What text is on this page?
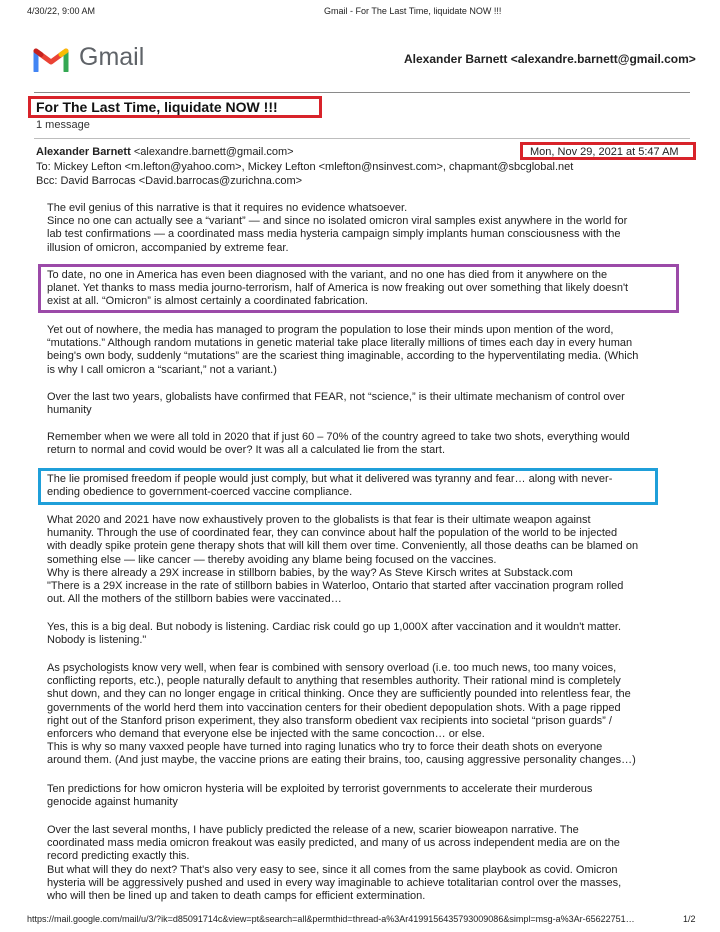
4/30/22, 9:00 AM	Gmail - For The Last Time, liquidate NOW !!!
Gmail	Alexander Barnett <alexandre.barnett@gmail.com>
For The Last Time, liquidate NOW !!!
1 message
Alexander Barnett <alexandre.barnett@gmail.com>	Mon, Nov 29, 2021 at 5:47 AM
To: Mickey Lefton <m.lefton@yahoo.com>, Mickey Lefton <mlefton@nsinvest.com>, chapmant@sbcglobal.net
Bcc: David Barrocas <David.barrocas@zurichna.com>
The evil genius of this narrative is that it requires no evidence whatsoever.
Since no one can actually see a “variant” — and since no isolated omicron viral samples exist anywhere in the world for
lab test confirmations — a coordinated mass media hysteria campaign simply implants human consciousness with the
illusion of omicron, accompanied by extreme fear.
To date, no one in America has even been diagnosed with the variant, and no one has died from it anywhere on the
planet. Yet thanks to mass media journo-terrorism, half of America is now freaking out over something that likely doesn't
exist at all. “Omicron” is almost certainly a coordinated fabrication.
Yet out of nowhere, the media has managed to program the population to lose their minds upon mention of the word,
“mutations.” Although random mutations in genetic material take place literally millions of times each day in every human
being's own body, suddenly “mutations” are the scariest thing imaginable, according to the hyperventilating media. (Which
is why I call omicron a “scariant,” not a variant.)
Over the last two years, globalists have confirmed that FEAR, not “science,” is their ultimate mechanism of control over
humanity
Remember when we were all told in 2020 that if just 60 – 70% of the country agreed to take two shots, everything would
return to normal and covid would be over? It was all a calculated lie from the start.
The lie promised freedom if people would just comply, but what it delivered was tyranny and fear… along with never-
ending obedience to government-coerced vaccine compliance.
What 2020 and 2021 have now exhaustively proven to the globalists is that fear is their ultimate weapon against
humanity. Through the use of coordinated fear, they can convince about half the population of the world to be injected
with deadly spike protein gene therapy shots that will kill them over time. Conveniently, all those deaths can be blamed on
something else — like cancer — thereby avoiding any blame being focused on the vaccines.
Why is there already a 29X increase in stillborn babies, by the way? As Steve Kirsch writes at Substack.com
"There is a 29X increase in the rate of stillborn babies in Waterloo, Ontario that started after vaccination program rolled
out. All the mothers of the stillborn babies were vaccinated…
Yes, this is a big deal. But nobody is listening. Cardiac risk could go up 1,000X after vaccination and it wouldn't matter.
Nobody is listening."
As psychologists know very well, when fear is combined with sensory overload (i.e. too much news, too many voices,
conflicting reports, etc.), people naturally default to anything that resembles authority. Their rational mind is completely
shut down, and they can no longer engage in critical thinking. Once they are sufficiently pounded into relentless fear, the
governments of the world herd them into vaccination centers for their obedient depopulation shots. With a page ripped
right out of the Stanford prison experiment, they also transform obedient vax recipients into societal “prison guards” /
enforcers who demand that everyone else be injected with the same concoction… or else.
This is why so many vaxxed people have turned into raging lunatics who try to force their death shots on everyone
around them. (And just maybe, the vaccine prions are eating their brains, too, causing aggressive personality changes…)
Ten predictions for how omicron hysteria will be exploited by terrorist governments to accelerate their murderous
genocide against humanity
Over the last several months, I have publicly predicted the release of a new, scarier bioweapon narrative. The
coordinated mass media omicron freakout was easily predicted, and many of us across independent media are on the
record predicting exactly this.
But what will they do next? That's also very easy to see, since it all comes from the same playbook as covid. Omicron
hysteria will be aggressively pushed and used in every way imaginable to achieve totalitarian control over the masses,
who will then be lined up and taken to death camps for efficient extermination.
https://mail.google.com/mail/u/3/?ik=d85091714c&view=pt&search=all&permthid=thread-a%3Ar4199156435793009086&simpl=msg-a%3Ar-65622751…	1/2
